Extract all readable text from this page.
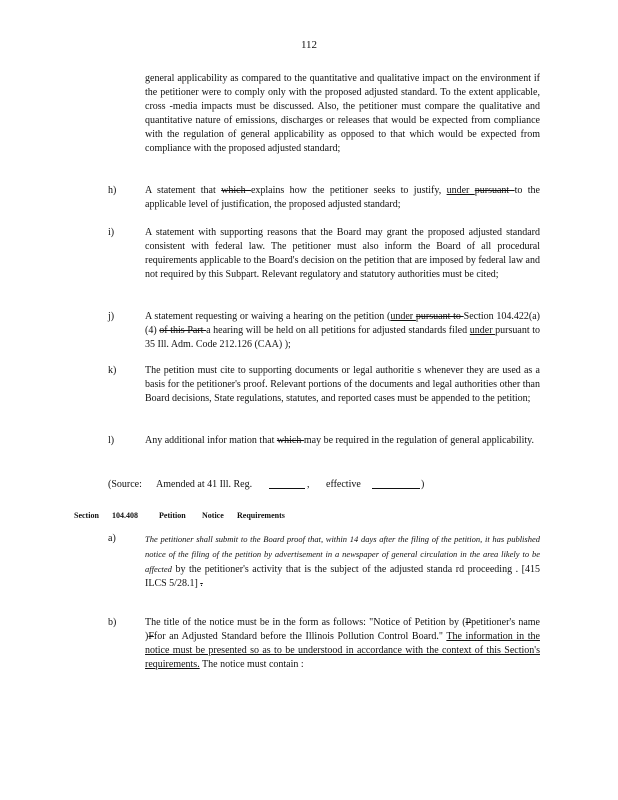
112

general applicability as compared to the quantitative and qualitative impact on the environment if the petitioner were to comply only with the proposed adjusted standard. To the extent applicable, cross -media impacts must be discussed. Also, the petitioner must compare the qualitative and quantitative nature of emissions, discharges or releases that would be expected from compliance with the regulation of general applicability as opposed to that which would be expected from compliance with the proposed adjusted standard;

h)	A statement that which explains how the petitioner seeks to justify, under pursuant to the applicable level of justification, the proposed adjusted standard;

i)	A statement with supporting reasons that the Board may grant the proposed adjusted standard consistent with federal law. The petitioner must also inform the Board of all procedural requirements applicable to the Board's decision on the petition that are imposed by federal law and not required by this Subpart. Relevant regulatory and statutory authorities must be cited;

j)	A statement requesting or waiving a hearing on the petition (under pursuant to Section 104.422(a)(4) of this Part a hearing will be held on all petitions for adjusted standards filed under pursuant to 35 Ill. Adm. Code 212.126 (CAA) );

k)	The petition must cite to supporting documents or legal authoritie s whenever they are used as a basis for the petitioner's proof. Relevant portions of the documents and legal authorities other than Board decisions, State regulations, statutes, and reported cases must be appended to the petition;

l)	Any additional infor mation that which may be required in the regulation of general applicability.

(Source: Amended at 41 Ill. Reg.	, effective	)
Section 104.408	Petition Notice Requirements
a)	The petitioner shall submit to the Board proof that, within 14 days after the filing of the petition, it has published notice of the filing of the petition by advertisement in a newspaper of general circulation in the area likely to be affected by the petitioner's activity that is the subject of the adjusted standa rd proceeding . [415 ILCS 5/28.1] .

b)	The title of the notice must be in the form as follows: "Notice of Petition by (Ppetitioner's name )Ffor an Adjusted Standard before the Illinois Pollution Control Board." The information in the notice must be presented so as to be understood in accordance with the context of this Section's requirements. The notice must contain :
